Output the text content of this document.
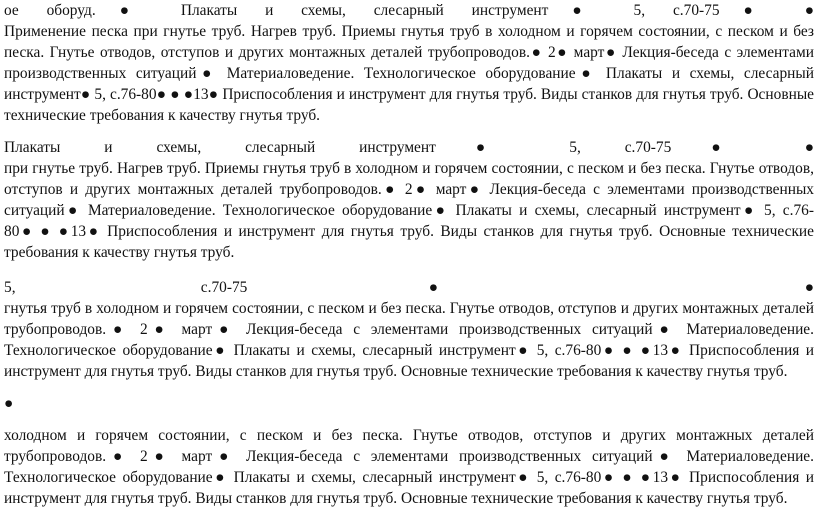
ое оборуд.● Плакаты и схемы, слесарный инструмент● 5, с.70-75● ●
Применение песка при гнутье труб. Нагрев труб. Приемы гнутья труб в холодном и горячем состоянии, с песком и без
песка. Гнутье отводов, отступов и других монтажных деталей трубопроводов.● 2● март● Лекция-беседа с элементами
производственных ситуаций● Материаловедение. Технологическое оборудование● Плакаты и схемы, слесарный
инструмент● 5, с.76-80● ● ●13● Приспособления и инструмент для гнутья труб. Виды станков для гнутья труб. Основные
технические требования к качеству гнутья труб.
Плакаты и схемы, слесарный инструмент● 5, с.70-75● ●
при гнутье труб. Нагрев труб. Приемы гнутья труб в холодном и горячем состоянии, с песком и без песка. Гнутье отводов,
отступов и других монтажных деталей трубопроводов.● 2● март● Лекция-беседа с элементами производственных
ситуаций● Материаловедение. Технологическое оборудование● Плакаты и схемы, слесарный инструмент● 5, с.76-
80● ● ●13● Приспособления и инструмент для гнутья труб. Виды станков для гнутья труб. Основные технические
требования к качеству гнутья труб.
5, с.70-75● ●
гнутья труб в холодном и горячем состоянии, с песком и без песка. Гнутье отводов, отступов и других монтажных деталей
трубопроводов.● 2● март● Лекция-беседа с элементами производственных ситуаций● Материаловедение.
Технологическое оборудование● Плакаты и схемы, слесарный инструмент● 5, с.76-80● ● ●13● Приспособления и
инструмент для гнутья труб. Виды станков для гнутья труб. Основные технические требования к качеству гнутья труб.
●
холодном и горячем состоянии, с песком и без песка. Гнутье отводов, отступов и других монтажных деталей
трубопроводов.● 2● март● Лекция-беседа с элементами производственных ситуаций● Материаловедение.
Технологическое оборудование● Плакаты и схемы, слесарный инструмент● 5, с.76-80● ● ●13● Приспособления и
инструмент для гнутья труб. Виды станков для гнутья труб. Основные технические требования к качеству гнутья труб.
